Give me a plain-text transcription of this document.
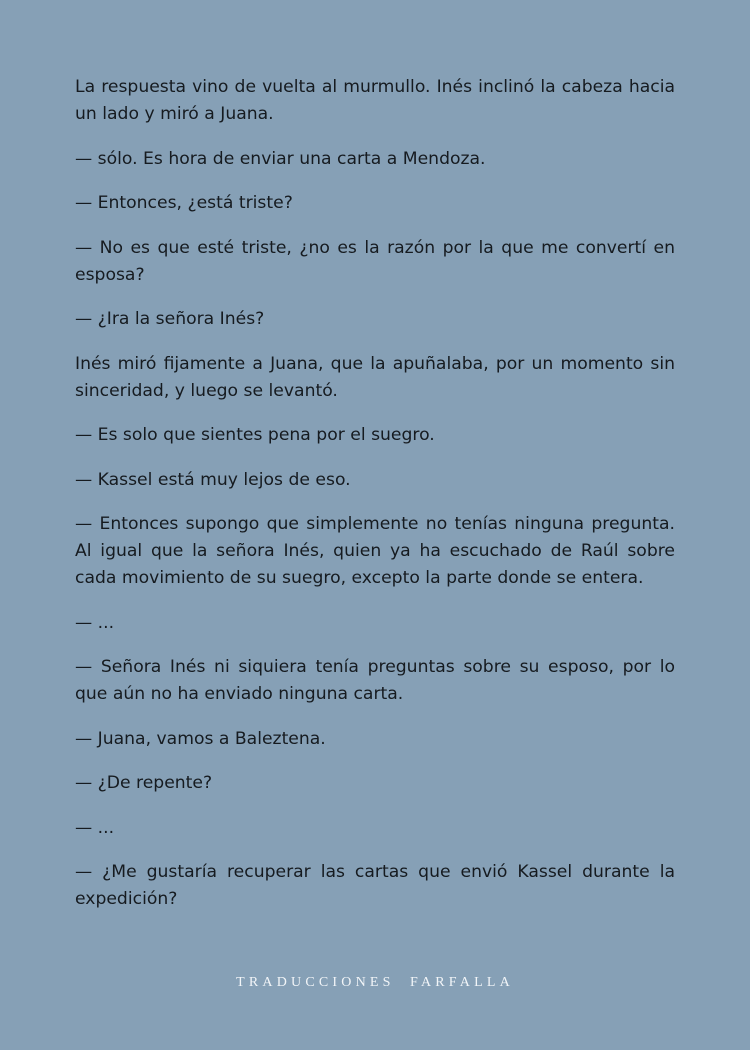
La respuesta vino de vuelta al murmullo. Inés inclinó la cabeza hacia un lado y miró a Juana.

— sólo. Es hora de enviar una carta a Mendoza.

— Entonces, ¿está triste?

— No es que esté triste, ¿no es la razón por la que me convertí en esposa?

— ¿Ira la señora Inés?

Inés miró fijamente a Juana, que la apuñalaba, por un momento sin sinceridad, y luego se levantó.

— Es solo que sientes pena por el suegro.

— Kassel está muy lejos de eso.

— Entonces supongo que simplemente no tenías ninguna pregunta. Al igual que la señora Inés, quien ya ha escuchado de Raúl sobre cada movimiento de su suegro, excepto la parte donde se entera.

— ...

— Señora Inés ni siquiera tenía preguntas sobre su esposo, por lo que aún no ha enviado ninguna carta.

— Juana, vamos a Baleztena.

— ¿De repente?

— ...

— ¿Me gustaría recuperar las cartas que envió Kassel durante la expedición?

TRADUCCIONES  FARFALLA
